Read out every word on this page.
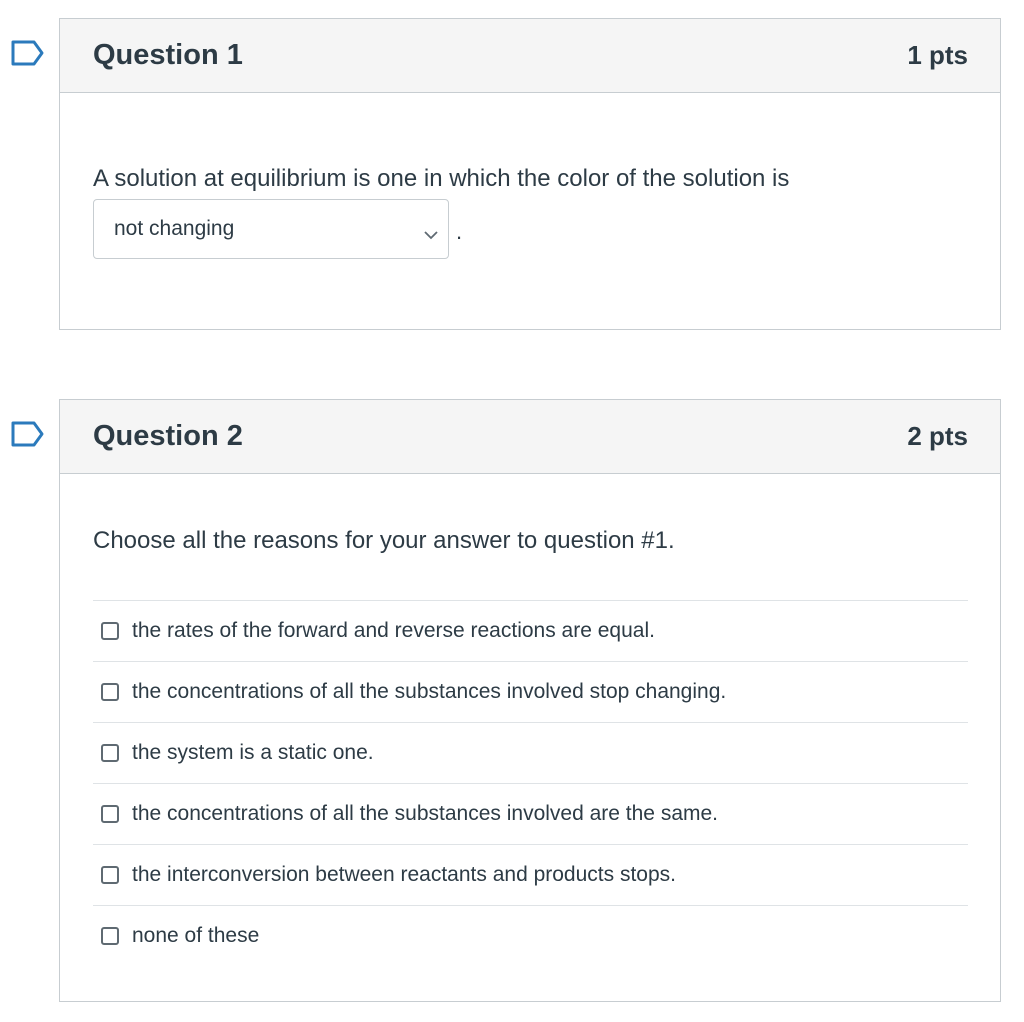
Question 1	1 pts
A solution at equilibrium is one in which the color of the solution is
not changing	.
Question 2	2 pts
Choose all the reasons for your answer to question #1.
the rates of the forward and reverse reactions are equal.
the concentrations of all the substances involved stop changing.
the system is a static one.
the concentrations of all the substances involved are the same.
the interconversion between reactants and products stops.
none of these
